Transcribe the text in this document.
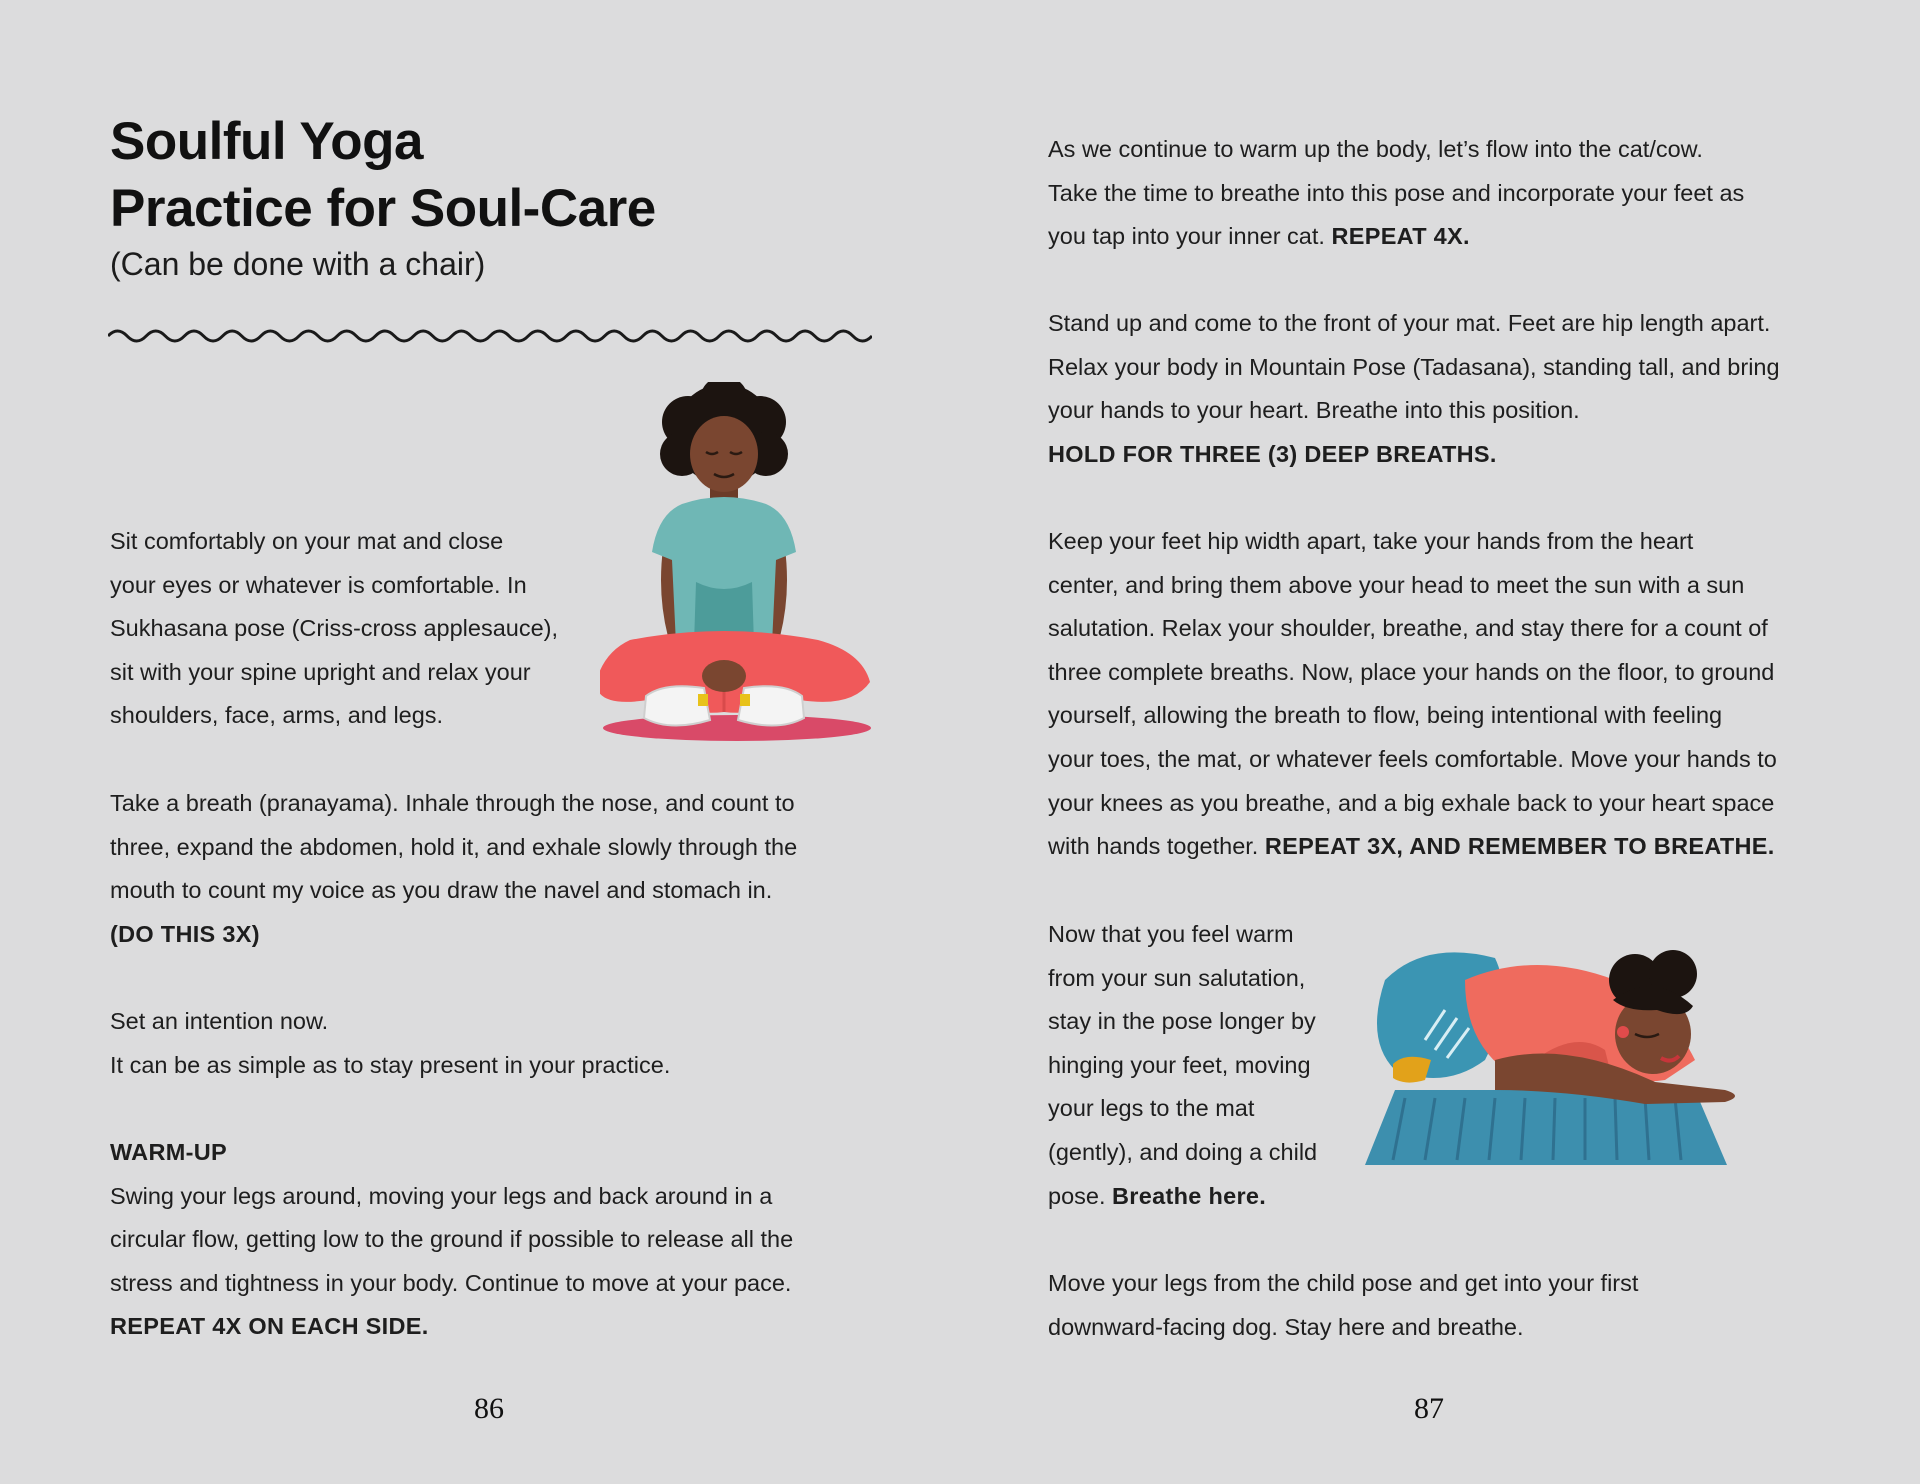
Soulful Yoga
Practice for Soul-Care
(Can be done with a chair)

Sit comfortably on your mat and close
your eyes or whatever is comfortable. In
Sukhasana pose (Criss-cross applesauce),
sit with your spine upright and relax your
shoulders, face, arms, and legs.

Take a breath (pranayama). Inhale through the nose, and count to
three, expand the abdomen, hold it, and exhale slowly through the
mouth to count my voice as you draw the navel and stomach in.
(DO THIS 3X)

Set an intention now.
It can be as simple as to stay present in your practice.

WARM-UP
Swing your legs around, moving your legs and back around in a
circular flow, getting low to the ground if possible to release all the
stress and tightness in your body. Continue to move at your pace.
REPEAT 4X ON EACH SIDE.

86

As we continue to warm up the body, let’s flow into the cat/cow.
Take the time to breathe into this pose and incorporate your feet as
you tap into your inner cat. REPEAT 4X.

Stand up and come to the front of your mat. Feet are hip length apart.
Relax your body in Mountain Pose (Tadasana), standing tall, and bring
your hands to your heart. Breathe into this position.
HOLD FOR THREE (3) DEEP BREATHS.

Keep your feet hip width apart, take your hands from the heart
center, and bring them above your head to meet the sun with a sun
salutation. Relax your shoulder, breathe, and stay there for a count of
three complete breaths. Now, place your hands on the floor, to ground
yourself, allowing the breath to flow, being intentional with feeling
your toes, the mat, or whatever feels comfortable. Move your hands to
your knees as you breathe, and a big exhale back to your heart space
with hands together. REPEAT 3X, AND REMEMBER TO BREATHE.

Now that you feel warm
from your sun salutation,
stay in the pose longer by
hinging your feet, moving
your legs to the mat
(gently), and doing a child
pose. Breathe here.

Move your legs from the child pose and get into your first
downward-facing dog. Stay here and breathe.

87
